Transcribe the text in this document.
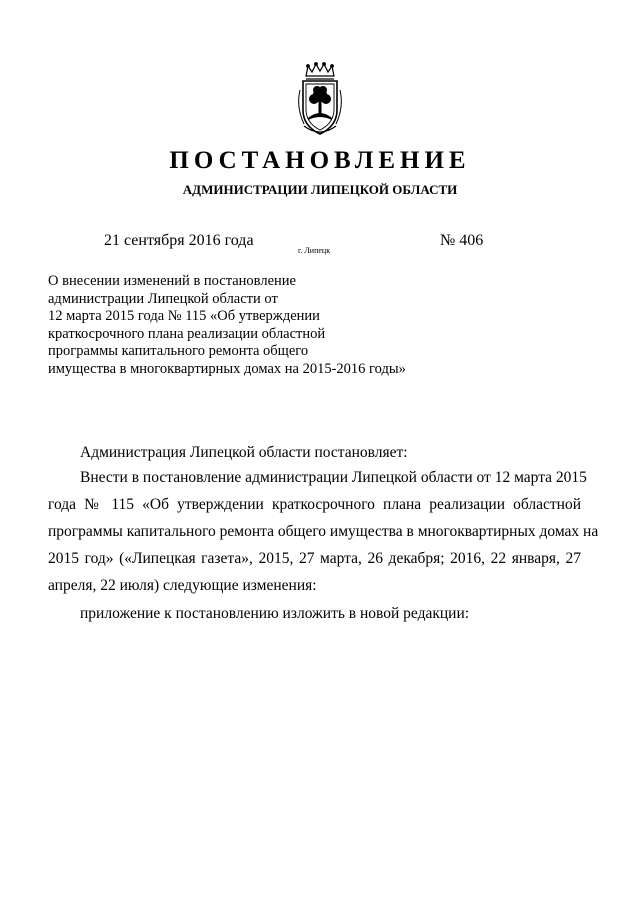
ПОСТАНОВЛЕНИЕ
АДМИНИСТРАЦИИ ЛИПЕЦКОЙ ОБЛАСТИ
21 сентября 2016 года
г. Липецк
№ 406
О внесении изменений в постановление
администрации Липецкой области от
12 марта 2015 года № 115 «Об утверждении
краткосрочного плана реализации областной
программы капитального ремонта общего
имущества в многоквартирных домах на 2015-2016 годы»
Администрация Липецкой области постановляет:
Внести в постановление администрации Липецкой области от 12 марта 2015
года № 115 «Об утверждении краткосрочного плана реализации областной
программы капитального ремонта общего имущества в многоквартирных домах на
2015 год» («Липецкая газета», 2015, 27 марта, 26 декабря; 2016, 22 января, 27
апреля, 22 июля) следующие изменения:
приложение к постановлению изложить в новой редакции:
